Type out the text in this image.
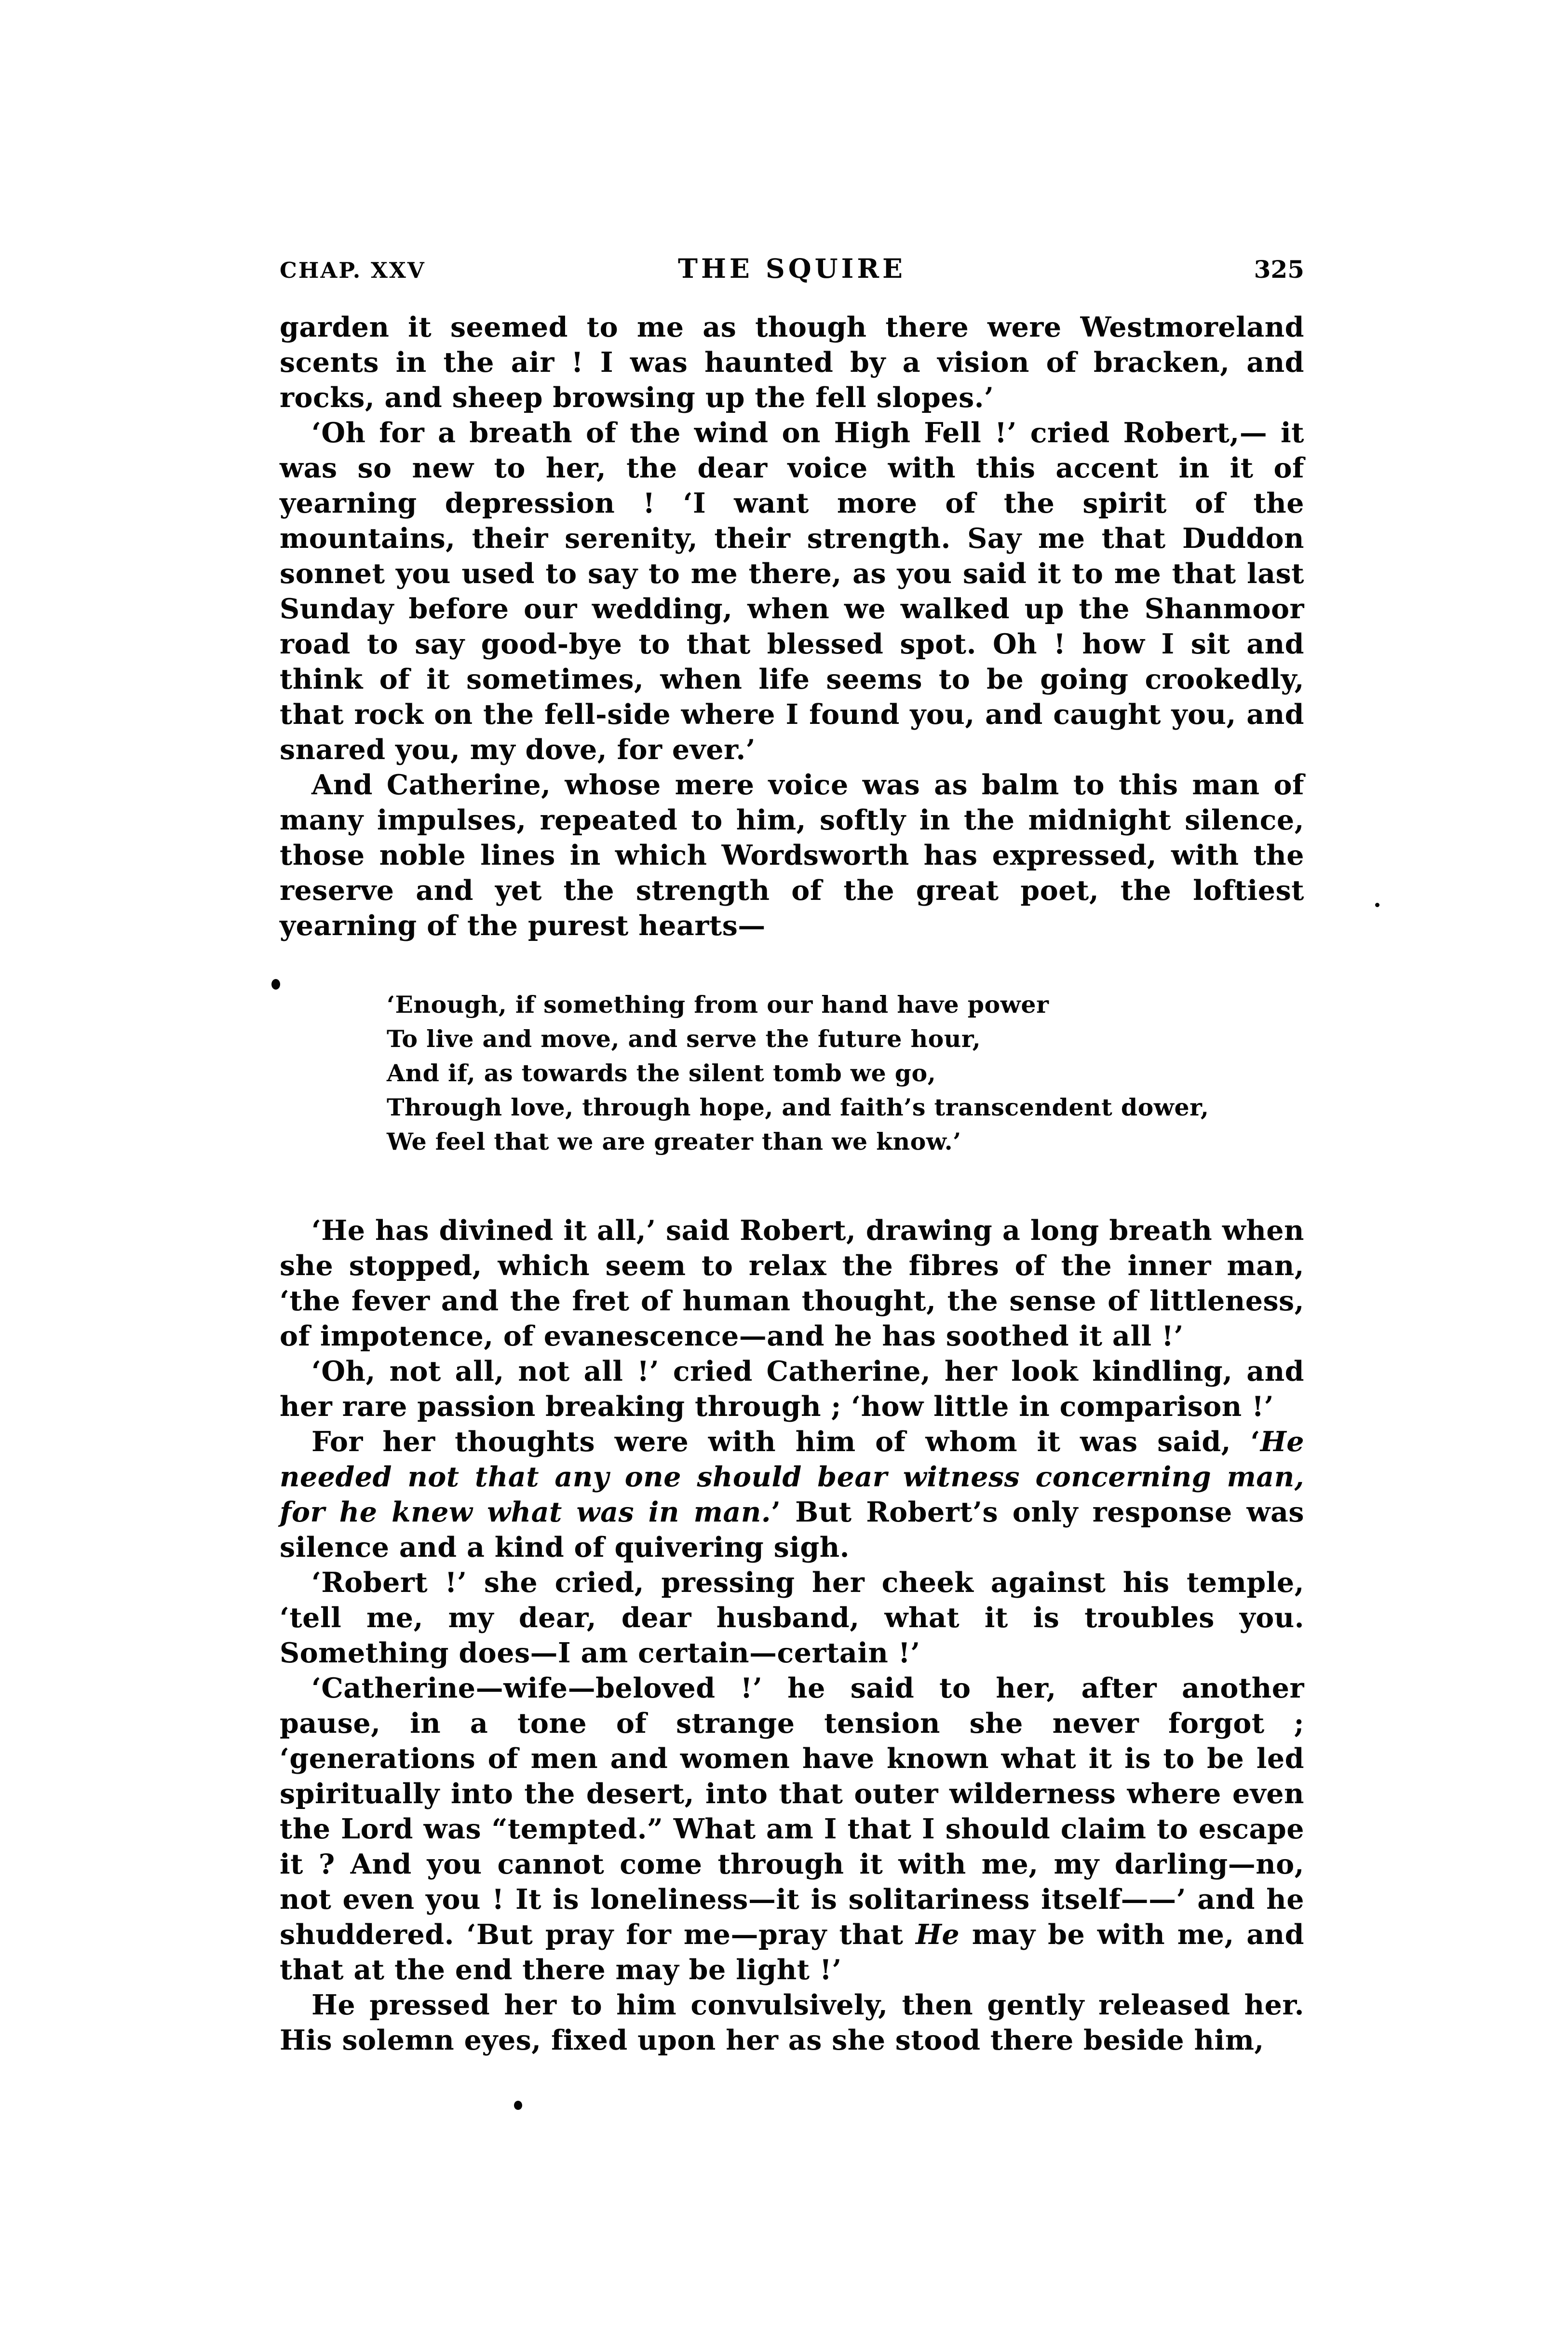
CHAP. XXV	THE SQUIRE	325

garden it seemed to me as though there were Westmoreland scents in the air ! I was haunted by a vision of bracken, and rocks, and sheep browsing up the fell slopes.’

‘Oh for a breath of the wind on High Fell !’ cried Robert,— it was so new to her, the dear voice with this accent in it of yearning depression ! ‘I want more of the spirit of the mountains, their serenity, their strength. Say me that Duddon sonnet you used to say to me there, as you said it to me that last Sunday before our wedding, when we walked up the Shanmoor road to say good-bye to that blessed spot. Oh ! how I sit and think of it sometimes, when life seems to be going crookedly, that rock on the fell-side where I found you, and caught you, and snared you, my dove, for ever.’

And Catherine, whose mere voice was as balm to this man of many impulses, repeated to him, softly in the midnight silence, those noble lines in which Wordsworth has expressed, with the reserve and yet the strength of the great poet, the loftiest yearning of the purest hearts—

‘Enough, if something from our hand have power
To live and move, and serve the future hour,
And if, as towards the silent tomb we go,
Through love, through hope, and faith’s transcendent dower,
We feel that we are greater than we know.’

‘He has divined it all,’ said Robert, drawing a long breath when she stopped, which seem to relax the fibres of the inner man, ‘the fever and the fret of human thought, the sense of littleness, of impotence, of evanescence—and he has soothed it all !’

‘Oh, not all, not all !’ cried Catherine, her look kindling, and her rare passion breaking through ; ‘how little in comparison !’

For her thoughts were with him of whom it was said, ‘He needed not that any one should bear witness concerning man, for he knew what was in man.’ But Robert’s only response was silence and a kind of quivering sigh.

‘Robert !’ she cried, pressing her cheek against his temple, ‘tell me, my dear, dear husband, what it is troubles you. Something does—I am certain—certain !’

‘Catherine—wife—beloved !’ he said to her, after another pause, in a tone of strange tension she never forgot ; ‘generations of men and women have known what it is to be led spiritually into the desert, into that outer wilderness where even the Lord was “tempted.” What am I that I should claim to escape it ? And you cannot come through it with me, my darling—no, not even you ! It is loneliness—it is solitariness itself——’ and he shuddered. ‘But pray for me—pray that He may be with me, and that at the end there may be light !’

He pressed her to him convulsively, then gently released her. His solemn eyes, fixed upon her as she stood there beside him,
